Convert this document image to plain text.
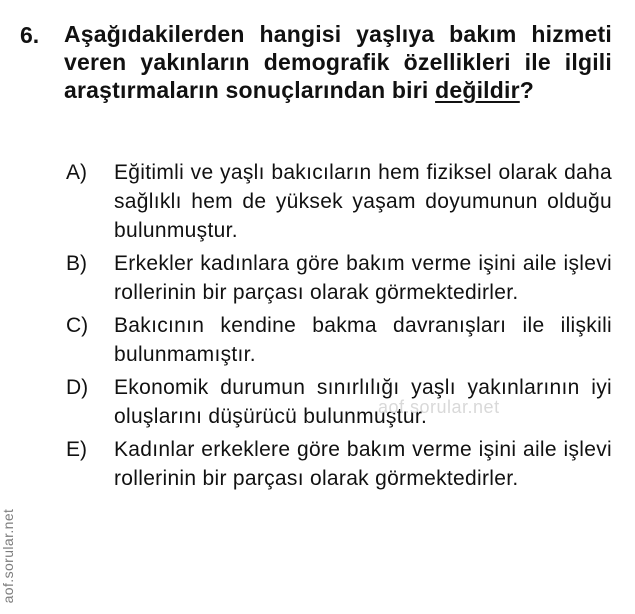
6. Aşağıdakilerden hangisi yaşlıya bakım hizmeti veren yakınların demografik özellikleri ile ilgili araştırmaların sonuçlarından biri değildir?
A) Eğitimli ve yaşlı bakıcıların hem fiziksel olarak daha sağlıklı hem de yüksek yaşam doyumunun olduğu bulunmuştur.
B) Erkekler kadınlara göre bakım verme işini aile işlevi rollerinin bir parçası olarak görmektedirler.
C) Bakıcının kendine bakma davranışları ile ilişkili bulunmamıştır.
D) Ekonomik durumun sınırlılığı yaşlı yakınlarının iyi oluşlarını düşürücü bulunmuştur.
E) Kadınlar erkeklere göre bakım verme işini aile işlevi rollerinin bir parçası olarak görmektedirler.
aof.sorular.net
aof.sorular.net
